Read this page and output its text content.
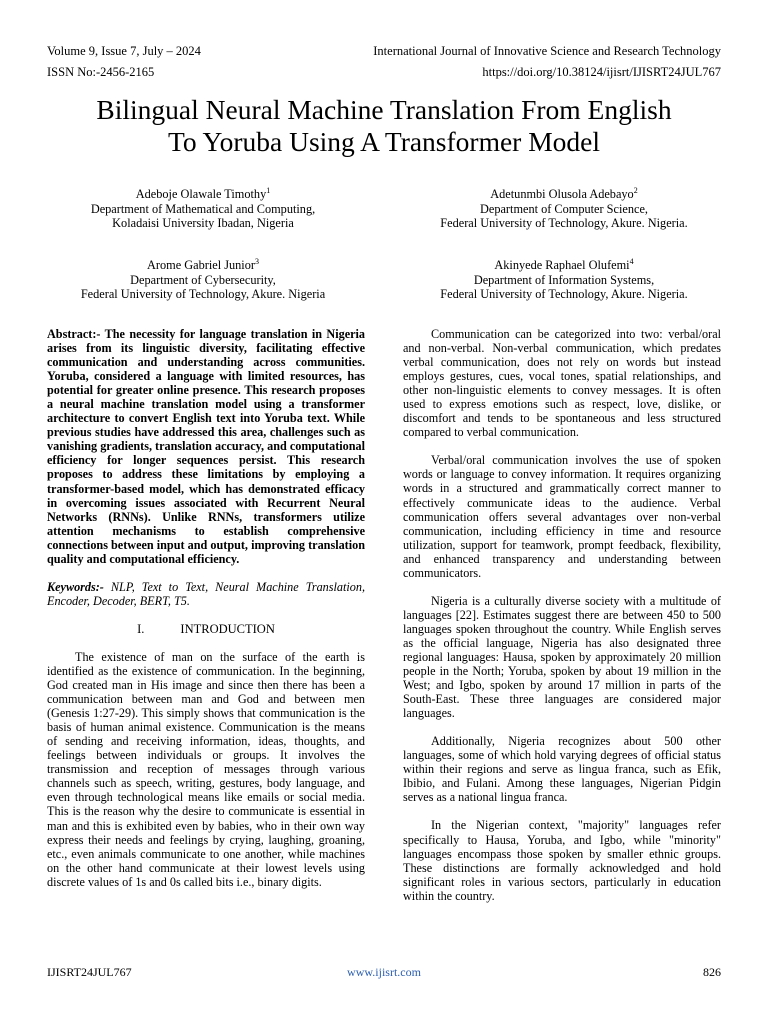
Volume 9, Issue 7, July – 2024	International Journal of Innovative Science and Research Technology
ISSN No:-2456-2165	https://doi.org/10.38124/ijisrt/IJISRT24JUL767
Bilingual Neural Machine Translation From English
To Yoruba Using A Transformer Model
Adeboje Olawale Timothy$^1$
Department of Mathematical and Computing,
Koladaisi University Ibadan, Nigeria
Adetunmbi Olusola Adebayo$^2$
Department of Computer Science,
Federal University of Technology, Akure. Nigeria.
Arome Gabriel Junior$^3$
Department of Cybersecurity,
Federal University of Technology, Akure. Nigeria
Akinyede Raphael Olufemi$^4$
Department of Information Systems,
Federal University of Technology, Akure. Nigeria.

Abstract:- The necessity for language translation in Nigeria arises from its linguistic diversity, facilitating effective communication and understanding across communities. Yoruba, considered a language with limited resources, has potential for greater online presence. This research proposes a neural machine translation model using a transformer architecture to convert English text into Yoruba text. While previous studies have addressed this area, challenges such as vanishing gradients, translation accuracy, and computational efficiency for longer sequences persist. This research proposes to address these limitations by employing a transformer-based model, which has demonstrated efficacy in overcoming issues associated with Recurrent Neural Networks (RNNs). Unlike RNNs, transformers utilize attention mechanisms to establish comprehensive connections between input and output, improving translation quality and computational efficiency.

Keywords:- NLP, Text to Text, Neural Machine Translation, Encoder, Decoder, BERT, T5.

I.	INTRODUCTION

The existence of man on the surface of the earth is identified as the existence of communication. In the beginning, God created man in His image and since then there has been a communication between man and God and between men (Genesis 1:27-29). This simply shows that communication is the basis of human animal existence. Communication is the means of sending and receiving information, ideas, thoughts, and feelings between individuals or groups. It involves the transmission and reception of messages through various channels such as speech, writing, gestures, body language, and even through technological means like emails or social media. This is the reason why the desire to communicate is essential in man and this is exhibited even by babies, who in their own way express their needs and feelings by crying, laughing, groaning, etc., even animals communicate to one another, while machines on the other hand communicate at their lowest levels using discrete values of 1s and 0s called bits i.e., binary digits.

Communication can be categorized into two: verbal/oral and non-verbal. Non-verbal communication, which predates verbal communication, does not rely on words but instead employs gestures, cues, vocal tones, spatial relationships, and other non-linguistic elements to convey messages. It is often used to express emotions such as respect, love, dislike, or discomfort and tends to be spontaneous and less structured compared to verbal communication.

Verbal/oral communication involves the use of spoken words or language to convey information. It requires organizing words in a structured and grammatically correct manner to effectively communicate ideas to the audience. Verbal communication offers several advantages over non-verbal communication, including efficiency in time and resource utilization, support for teamwork, prompt feedback, flexibility, and enhanced transparency and understanding between communicators.

Nigeria is a culturally diverse society with a multitude of languages [22]. Estimates suggest there are between 450 to 500 languages spoken throughout the country. While English serves as the official language, Nigeria has also designated three regional languages: Hausa, spoken by approximately 20 million people in the North; Yoruba, spoken by about 19 million in the West; and Igbo, spoken by around 17 million in parts of the South-East. These three languages are considered major languages.

Additionally, Nigeria recognizes about 500 other languages, some of which hold varying degrees of official status within their regions and serve as lingua franca, such as Efik, Ibibio, and Fulani. Among these languages, Nigerian Pidgin serves as a national lingua franca.

In the Nigerian context, "majority" languages refer specifically to Hausa, Yoruba, and Igbo, while "minority" languages encompass those spoken by smaller ethnic groups. These distinctions are formally acknowledged and hold significant roles in various sectors, particularly in education within the country.

IJISRT24JUL767	www.ijisrt.com	826
